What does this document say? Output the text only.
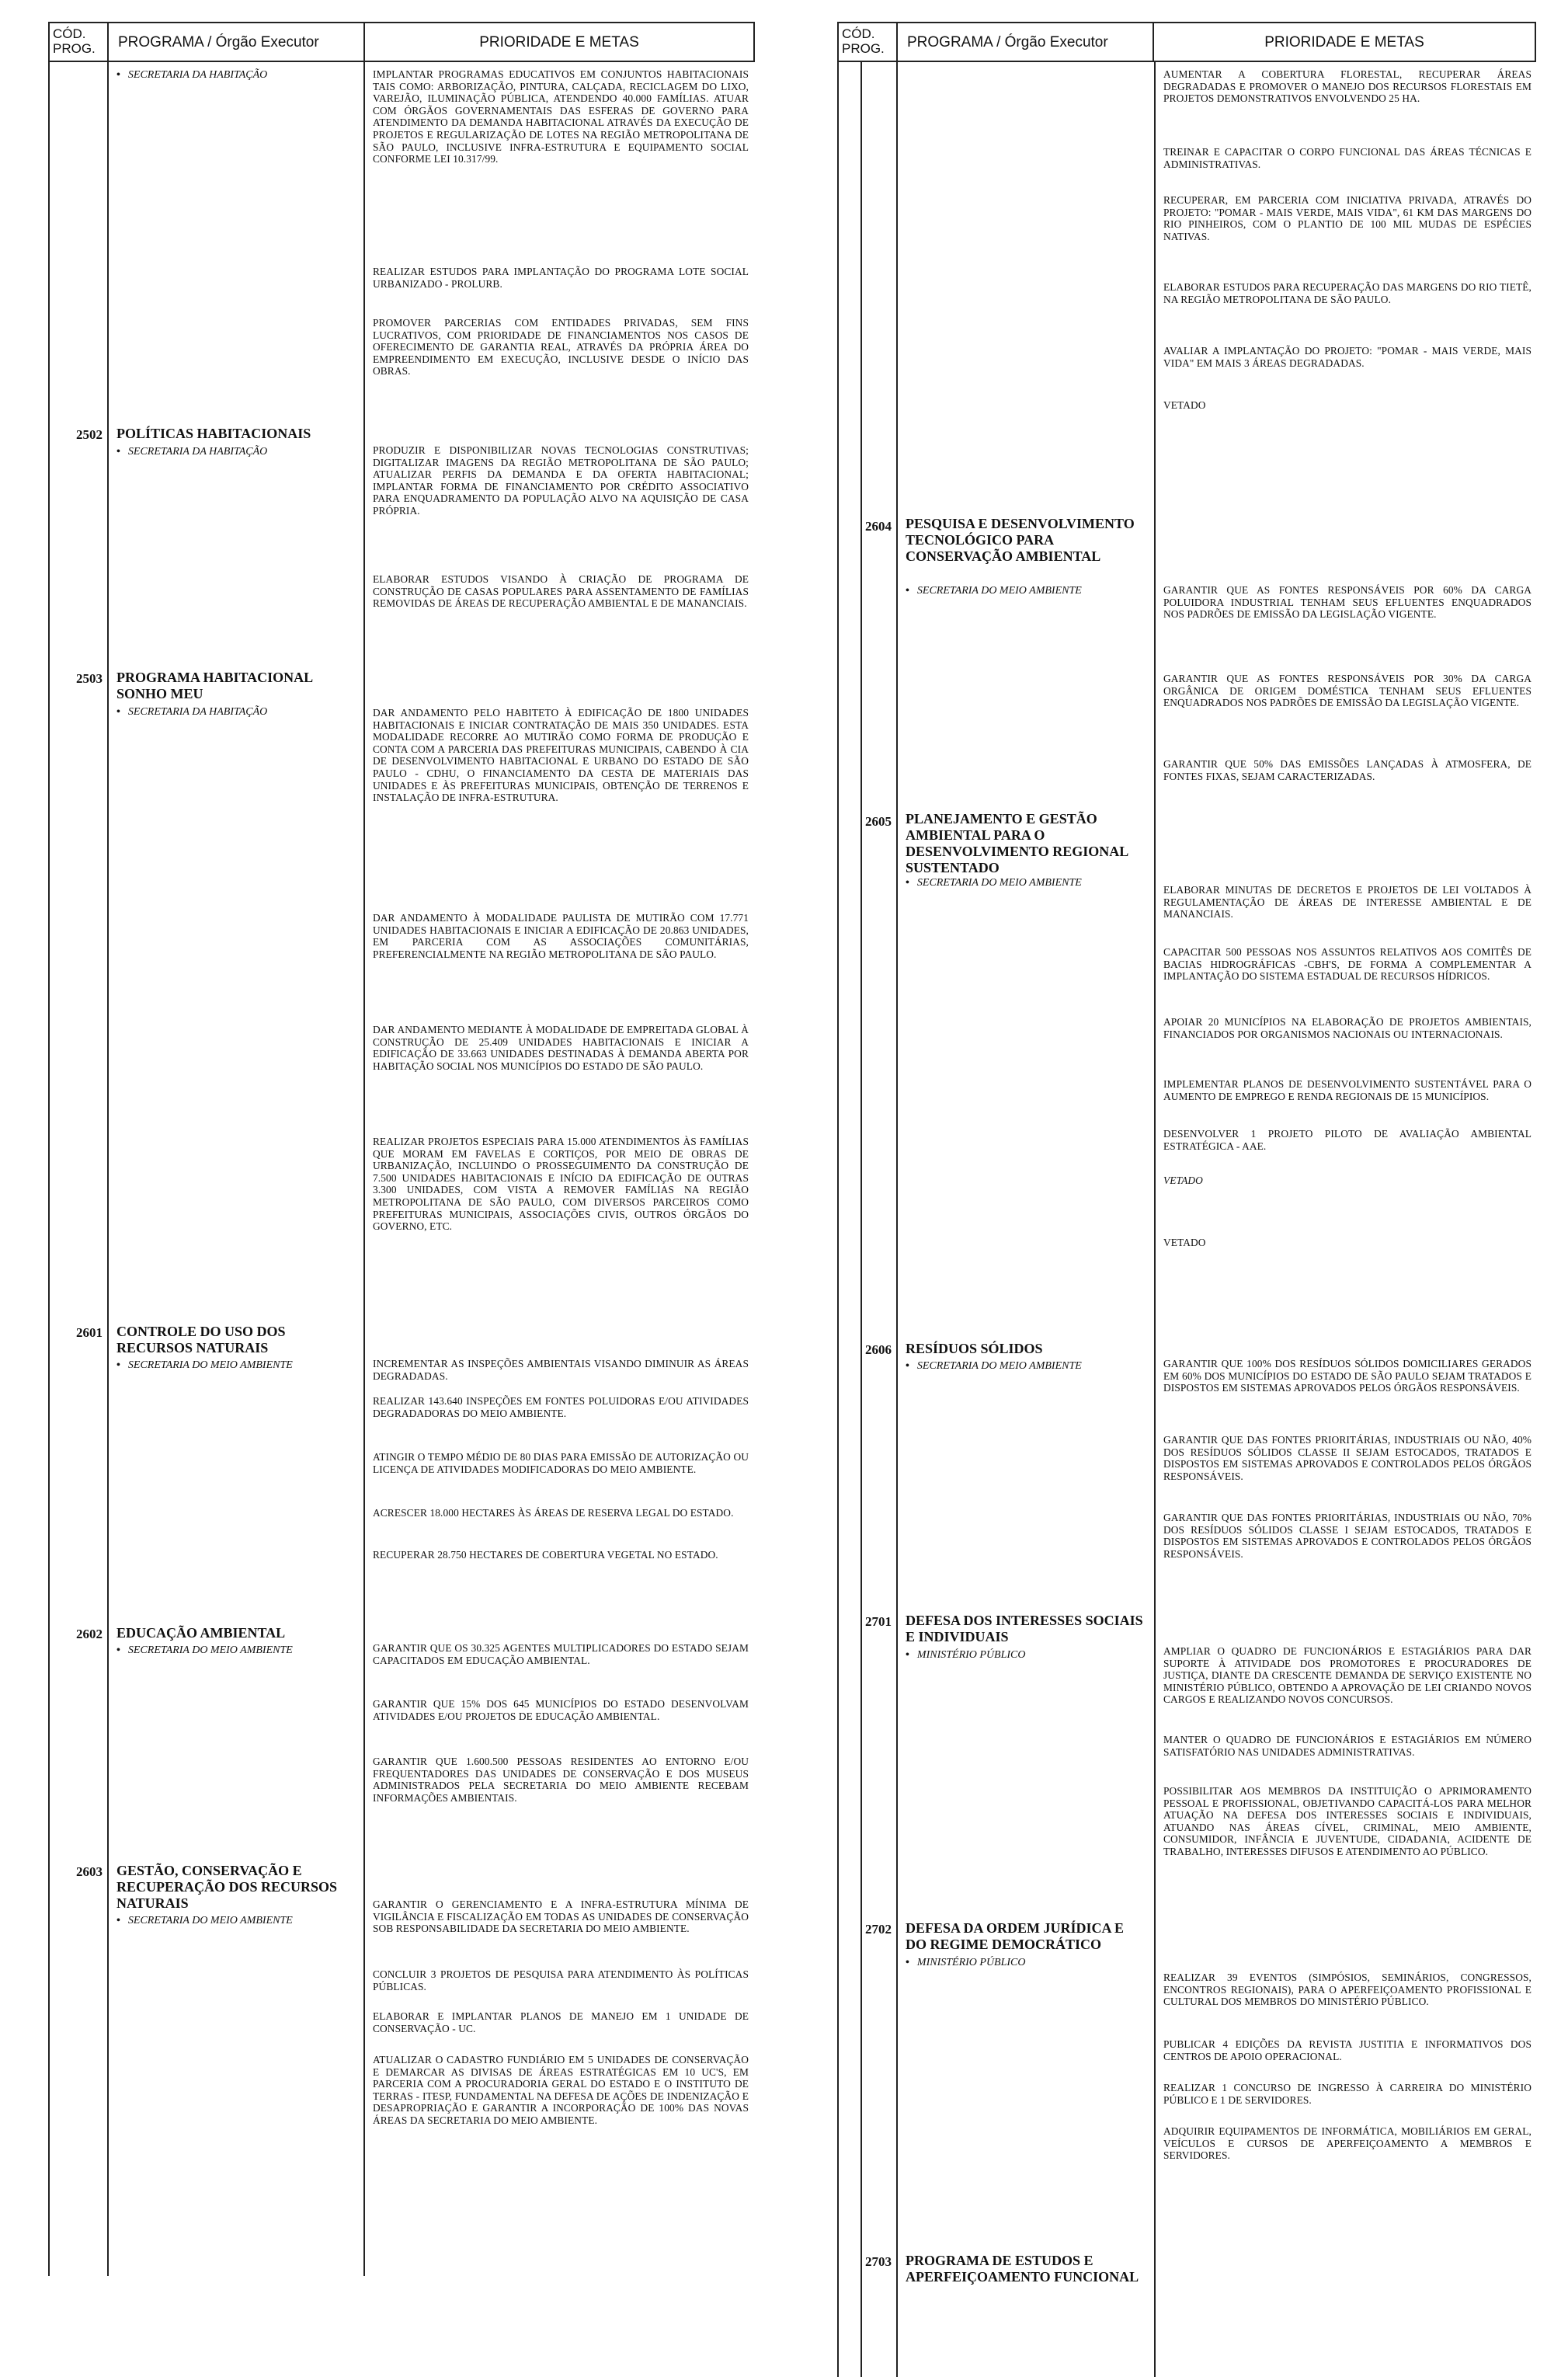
CÓD. PROG.	PROGRAMA / Órgão Executor	PRIORIDADE E METAS
• SECRETARIA DA HABITAÇÃO	IMPLANTAR PROGRAMAS EDUCATIVOS EM CONJUNTOS HABITACIONAIS TAIS COMO: ARBORIZAÇÃO, PINTURA, CALÇADA, RECICLAGEM DO LIXO, VAREJÃO, ILUMINAÇÃO PÚBLICA, ATENDENDO 40.000 FAMÍLIAS. ATUAR COM ÓRGÃOS GOVERNAMENTAIS DAS ESFERAS DE GOVERNO PARA ATENDIMENTO DA DEMANDA HABITACIONAL ATRAVÉS DA EXECUÇÃO DE PROJETOS E REGULARIZAÇÃO DE LOTES NA REGIÃO METROPOLITANA DE SÃO PAULO, INCLUSIVE INFRA-ESTRUTURA E EQUIPAMENTO SOCIAL CONFORME LEI 10.317/99.
REALIZAR ESTUDOS PARA IMPLANTAÇÃO DO PROGRAMA LOTE SOCIAL URBANIZADO - PROLURB.
PROMOVER PARCERIAS COM ENTIDADES PRIVADAS, SEM FINS LUCRATIVOS, COM PRIORIDADE DE FINANCIAMENTOS NOS CASOS DE OFERECIMENTO DE GARANTIA REAL, ATRAVÉS DA PRÓPRIA ÁREA DO EMPREENDIMENTO EM EXECUÇÃO, INCLUSIVE DESDE O INÍCIO DAS OBRAS.
2502 POLÍTICAS HABITACIONAIS
• SECRETARIA DA HABITAÇÃO	PRODUZIR E DISPONIBILIZAR NOVAS TECNOLOGIAS CONSTRUTIVAS; DIGITALIZAR IMAGENS DA REGIÃO METROPOLITANA DE SÃO PAULO; ATUALIZAR PERFIS DA DEMANDA E DA OFERTA HABITACIONAL; IMPLANTAR FORMA DE FINANCIAMENTO POR CRÉDITO ASSOCIATIVO PARA ENQUADRAMENTO DA POPULAÇÃO ALVO NA AQUISIÇÃO DE CASA PRÓPRIA.
ELABORAR ESTUDOS VISANDO À CRIAÇÃO DE PROGRAMA DE CONSTRUÇÃO DE CASAS POPULARES PARA ASSENTAMENTO DE FAMÍLIAS REMOVIDAS DE ÁREAS DE RECUPERAÇÃO AMBIENTAL E DE MANANCIAIS.
2503 PROGRAMA HABITACIONAL SONHO MEU
• SECRETARIA DA HABITAÇÃO	DAR ANDAMENTO PELO HABITETO À EDIFICAÇÃO DE 1800 UNIDADES HABITACIONAIS E INICIAR CONTRATAÇÃO DE MAIS 350 UNIDADES. ESTA MODALIDADE RECORRE AO MUTIRÃO COMO FORMA DE PRODUÇÃO E CONTA COM A PARCERIA DAS PREFEITURAS MUNICIPAIS, CABENDO À CIA DE DESENVOLVIMENTO HABITACIONAL E URBANO DO ESTADO DE SÃO PAULO - CDHU, O FINANCIAMENTO DA CESTA DE MATERIAIS DAS UNIDADES E ÀS PREFEITURAS MUNICIPAIS, OBTENÇÃO DE TERRENOS E INSTALAÇÃO DE INFRA-ESTRUTURA.
DAR ANDAMENTO À MODALIDADE PAULISTA DE MUTIRÃO COM 17.771 UNIDADES HABITACIONAIS E INICIAR A EDIFICAÇÃO DE 20.863 UNIDADES, EM PARCERIA COM AS ASSOCIAÇÕES COMUNITÁRIAS, PREFERENCIALMENTE NA REGIÃO METROPOLITANA DE SÃO PAULO.
DAR ANDAMENTO MEDIANTE À MODALIDADE DE EMPREITADA GLOBAL À CONSTRUÇÃO DE 25.409 UNIDADES HABITACIONAIS E INICIAR A EDIFICAÇÃO DE 33.663 UNIDADES DESTINADAS À DEMANDA ABERTA POR HABITAÇÃO SOCIAL NOS MUNICÍPIOS DO ESTADO DE SÃO PAULO.
REALIZAR PROJETOS ESPECIAIS PARA 15.000 ATENDIMENTOS ÀS FAMÍLIAS QUE MORAM EM FAVELAS E CORTIÇOS, POR MEIO DE OBRAS DE URBANIZAÇÃO, INCLUINDO O PROSSEGUIMENTO DA CONSTRUÇÃO DE 7.500 UNIDADES HABITACIONAIS E INÍCIO DA EDIFICAÇÃO DE OUTRAS 3.300 UNIDADES, COM VISTA A REMOVER FAMÍLIAS NA REGIÃO METROPOLITANA DE SÃO PAULO, COM DIVERSOS PARCEIROS COMO PREFEITURAS MUNICIPAIS, ASSOCIAÇÕES CIVIS, OUTROS ÓRGÃOS DO GOVERNO, ETC.
2601 CONTROLE DO USO DOS RECURSOS NATURAIS
• SECRETARIA DO MEIO AMBIENTE	INCREMENTAR AS INSPEÇÕES AMBIENTAIS VISANDO DIMINUIR AS ÁREAS DEGRADADAS.
REALIZAR 143.640 INSPEÇÕES EM FONTES POLUIDORAS E/OU ATIVIDADES DEGRADADORAS DO MEIO AMBIENTE.
ATINGIR O TEMPO MÉDIO DE 80 DIAS PARA EMISSÃO DE AUTORIZAÇÃO OU LICENÇA DE ATIVIDADES MODIFICADORAS DO MEIO AMBIENTE.
ACRESCER 18.000 HECTARES ÀS ÁREAS DE RESERVA LEGAL DO ESTADO.
RECUPERAR 28.750 HECTARES DE COBERTURA VEGETAL NO ESTADO.
2602 EDUCAÇÃO AMBIENTAL
• SECRETARIA DO MEIO AMBIENTE	GARANTIR QUE OS 30.325 AGENTES MULTIPLICADORES DO ESTADO SEJAM CAPACITADOS EM EDUCAÇÃO AMBIENTAL.
GARANTIR QUE 15% DOS 645 MUNICÍPIOS DO ESTADO DESENVOLVAM ATIVIDADES E/OU PROJETOS DE EDUCAÇÃO AMBIENTAL.
GARANTIR QUE 1.600.500 PESSOAS RESIDENTES AO ENTORNO E/OU FREQUENTADORES DAS UNIDADES DE CONSERVAÇÃO E DOS MUSEUS ADMINISTRADOS PELA SECRETARIA DO MEIO AMBIENTE RECEBAM INFORMAÇÕES AMBIENTAIS.
2603 GESTÃO, CONSERVAÇÃO E RECUPERAÇÃO DOS RECURSOS NATURAIS
• SECRETARIA DO MEIO AMBIENTE
GARANTIR O GERENCIAMENTO E A INFRA-ESTRUTURA MÍNIMA DE VIGILÂNCIA E FISCALIZAÇÃO EM TODAS AS UNIDADES DE CONSERVAÇÃO SOB RESPONSABILIDADE DA SECRETARIA DO MEIO AMBIENTE.
CONCLUIR 3 PROJETOS DE PESQUISA PARA ATENDIMENTO ÀS POLÍTICAS PÚBLICAS.
ELABORAR E IMPLANTAR PLANOS DE MANEJO EM 1 UNIDADE DE CONSERVAÇÃO - UC.
ATUALIZAR O CADASTRO FUNDIÁRIO EM 5 UNIDADES DE CONSERVAÇÃO E DEMARCAR AS DIVISAS DE ÁREAS ESTRATÉGICAS EM 10 UC'S, EM PARCERIA COM A PROCURADORIA GERAL DO ESTADO E O INSTITUTO DE TERRAS - ITESP, FUNDAMENTAL NA DEFESA DE AÇÕES DE INDENIZAÇÃO E DESAPROPRIAÇÃO E GARANTIR A INCORPORAÇÃO DE 100% DAS NOVAS ÁREAS DA SECRETARIA DO MEIO AMBIENTE.
CÓD. PROG.	PROGRAMA / Órgão Executor	PRIORIDADE E METAS
AUMENTAR A COBERTURA FLORESTAL, RECUPERAR ÁREAS DEGRADADAS E PROMOVER O MANEJO DOS RECURSOS FLORESTAIS EM PROJETOS DEMONSTRATIVOS ENVOLVENDO 25 HA.
TREINAR E CAPACITAR O CORPO FUNCIONAL DAS ÁREAS TÉCNICAS E ADMINISTRATIVAS.
RECUPERAR, EM PARCERIA COM INICIATIVA PRIVADA, ATRAVÉS DO PROJETO: "POMAR - MAIS VERDE, MAIS VIDA", 61 KM DAS MARGENS DO RIO PINHEIROS, COM O PLANTIO DE 100 MIL MUDAS DE ESPÉCIES NATIVAS.
ELABORAR ESTUDOS PARA RECUPERAÇÃO DAS MARGENS DO RIO TIETÊ, NA REGIÃO METROPOLITANA DE SÃO PAULO.
AVALIAR A IMPLANTAÇÃO DO PROJETO: "POMAR - MAIS VERDE, MAIS VIDA" EM MAIS 3 ÁREAS DEGRADADAS.
VETADO
2604 PESQUISA E DESENVOLVIMENTO TECNOLÓGICO PARA CONSERVAÇÃO AMBIENTAL
• SECRETARIA DO MEIO AMBIENTE	GARANTIR QUE AS FONTES RESPONSÁVEIS POR 60% DA CARGA POLUIDORA INDUSTRIAL TENHAM SEUS EFLUENTES ENQUADRADOS NOS PADRÕES DE EMISSÃO DA LEGISLAÇÃO VIGENTE.
GARANTIR QUE AS FONTES RESPONSÁVEIS POR 30% DA CARGA ORGÂNICA DE ORIGEM DOMÉSTICA TENHAM SEUS EFLUENTES ENQUADRADOS NOS PADRÕES DE EMISSÃO DA LEGISLAÇÃO VIGENTE.
GARANTIR QUE 50% DAS EMISSÕES LANÇADAS À ATMOSFERA, DE FONTES FIXAS, SEJAM CARACTERIZADAS.
2605 PLANEJAMENTO E GESTÃO AMBIENTAL PARA O DESENVOLVIMENTO REGIONAL SUSTENTADO
• SECRETARIA DO MEIO AMBIENTE
ELABORAR MINUTAS DE DECRETOS E PROJETOS DE LEI VOLTADOS À REGULAMENTAÇÃO DE ÁREAS DE INTERESSE AMBIENTAL E DE MANANCIAIS.
CAPACITAR 500 PESSOAS NOS ASSUNTOS RELATIVOS AOS COMITÊS DE BACIAS HIDROGRÁFICAS -CBH'S, DE FORMA A COMPLEMENTAR A IMPLANTAÇÃO DO SISTEMA ESTADUAL DE RECURSOS HÍDRICOS.
APOIAR 20 MUNICÍPIOS NA ELABORAÇÃO DE PROJETOS AMBIENTAIS, FINANCIADOS POR ORGANISMOS NACIONAIS OU INTERNACIONAIS.
IMPLEMENTAR PLANOS DE DESENVOLVIMENTO SUSTENTÁVEL PARA O AUMENTO DE EMPREGO E RENDA REGIONAIS DE 15 MUNICÍPIOS.
DESENVOLVER 1 PROJETO PILOTO DE AVALIAÇÃO AMBIENTAL ESTRATÉGICA - AAE.
VETADO
VETADO
2606 RESÍDUOS SÓLIDOS
• SECRETARIA DO MEIO AMBIENTE	GARANTIR QUE 100% DOS RESÍDUOS SÓLIDOS DOMICILIARES GERADOS EM 60% DOS MUNICÍPIOS DO ESTADO DE SÃO PAULO SEJAM TRATADOS E DISPOSTOS EM SISTEMAS APROVADOS PELOS ÓRGÃOS RESPONSÁVEIS.
GARANTIR QUE DAS FONTES PRIORITÁRIAS, INDUSTRIAIS OU NÃO, 40% DOS RESÍDUOS SÓLIDOS CLASSE II SEJAM ESTOCADOS, TRATADOS E DISPOSTOS EM SISTEMAS APROVADOS E CONTROLADOS PELOS ÓRGÃOS RESPONSÁVEIS.
GARANTIR QUE DAS FONTES PRIORITÁRIAS, INDUSTRIAIS OU NÃO, 70% DOS RESÍDUOS SÓLIDOS CLASSE I SEJAM ESTOCADOS, TRATADOS E DISPOSTOS EM SISTEMAS APROVADOS E CONTROLADOS PELOS ÓRGÃOS RESPONSÁVEIS.
2701 DEFESA DOS INTERESSES SOCIAIS E INDIVIDUAIS
• MINISTÉRIO PÚBLICO	AMPLIAR O QUADRO DE FUNCIONÁRIOS E ESTAGIÁRIOS PARA DAR SUPORTE À ATIVIDADE DOS PROMOTORES E PROCURADORES DE JUSTIÇA, DIANTE DA CRESCENTE DEMANDA DE SERVIÇO EXISTENTE NO MINISTÉRIO PÚBLICO, OBTENDO A APROVAÇÃO DE LEI CRIANDO NOVOS CARGOS E REALIZANDO NOVOS CONCURSOS.
MANTER O QUADRO DE FUNCIONÁRIOS E ESTAGIÁRIOS EM NÚMERO SATISFATÓRIO NAS UNIDADES ADMINISTRATIVAS.
POSSIBILITAR AOS MEMBROS DA INSTITUIÇÃO O APRIMORAMENTO PESSOAL E PROFISSIONAL, OBJETIVANDO CAPACITÁ-LOS PARA MELHOR ATUAÇÃO NA DEFESA DOS INTERESSES SOCIAIS E INDIVIDUAIS, ATUANDO NAS ÁREAS CÍVEL, CRIMINAL, MEIO AMBIENTE, CONSUMIDOR, INFÂNCIA E JUVENTUDE, CIDADANIA, ACIDENTE DE TRABALHO, INTERESSES DIFUSOS E ATENDIMENTO AO PÚBLICO.
2702 DEFESA DA ORDEM JURÍDICA E DO REGIME DEMOCRÁTICO
• MINISTÉRIO PÚBLICO
REALIZAR 39 EVENTOS (SIMPÓSIOS, SEMINÁRIOS, CONGRESSOS, ENCONTROS REGIONAIS), PARA O APERFEIÇOAMENTO PROFISSIONAL E CULTURAL DOS MEMBROS DO MINISTÉRIO PÚBLICO.
PUBLICAR 4 EDIÇÕES DA REVISTA JUSTITIA E INFORMATIVOS DOS CENTROS DE APOIO OPERACIONAL.
REALIZAR 1 CONCURSO DE INGRESSO À CARREIRA DO MINISTÉRIO PÚBLICO E 1 DE SERVIDORES.
ADQUIRIR EQUIPAMENTOS DE INFORMÁTICA, MOBILIÁRIOS EM GERAL, VEÍCULOS E CURSOS DE APERFEIÇOAMENTO A MEMBROS E SERVIDORES.
2703 PROGRAMA DE ESTUDOS E APERFEIÇOAMENTO FUNCIONAL
